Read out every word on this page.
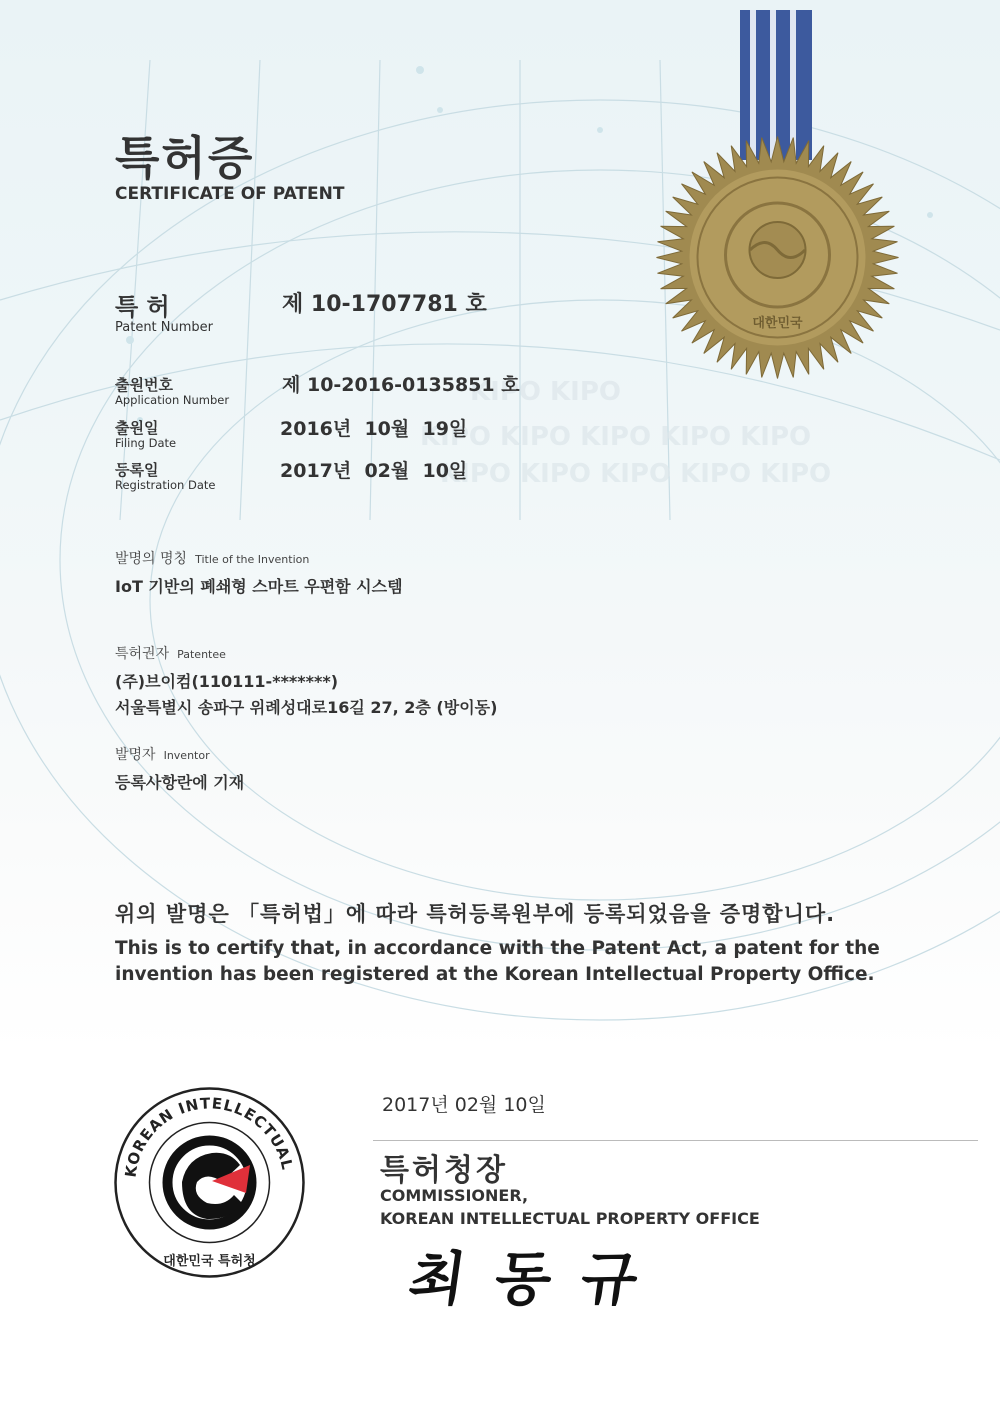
KIPO KIPO
KIPO KIPO KIPO KIPO KIPO
KIPO KIPO KIPO KIPO KIPO
대한민국
특허증
CERTIFICATE OF PATENT
특 허
Patent Number
제 10-1707781 호
출원번호
Application Number
제 10-2016-0135851 호
출원일
Filing Date
2016년  10월  19일
등록일
Registration Date
2017년  02월  10일
발명의 명칭 Title of the Invention
IoT 기반의 폐쇄형 스마트 우편함 시스템
특허권자 Patentee
(주)브이컴(110111-*******)
서울특별시 송파구 위례성대로16길 27, 2층 (방이동)
발명자 Inventor
등록사항란에 기재
위의 발명은 「특허법」에 따라 특허등록원부에 등록되었음을 증명합니다.
This is to certify that, in accordance with the Patent Act, a patent for the invention has been registered at the Korean Intellectual Property Office.
KOREAN INTELLECTUAL
대한민국 특허청
2017년 02월 10일
특허청장
COMMISSIONER,
KOREAN INTELLECTUAL PROPERTY OFFICE
최동규
